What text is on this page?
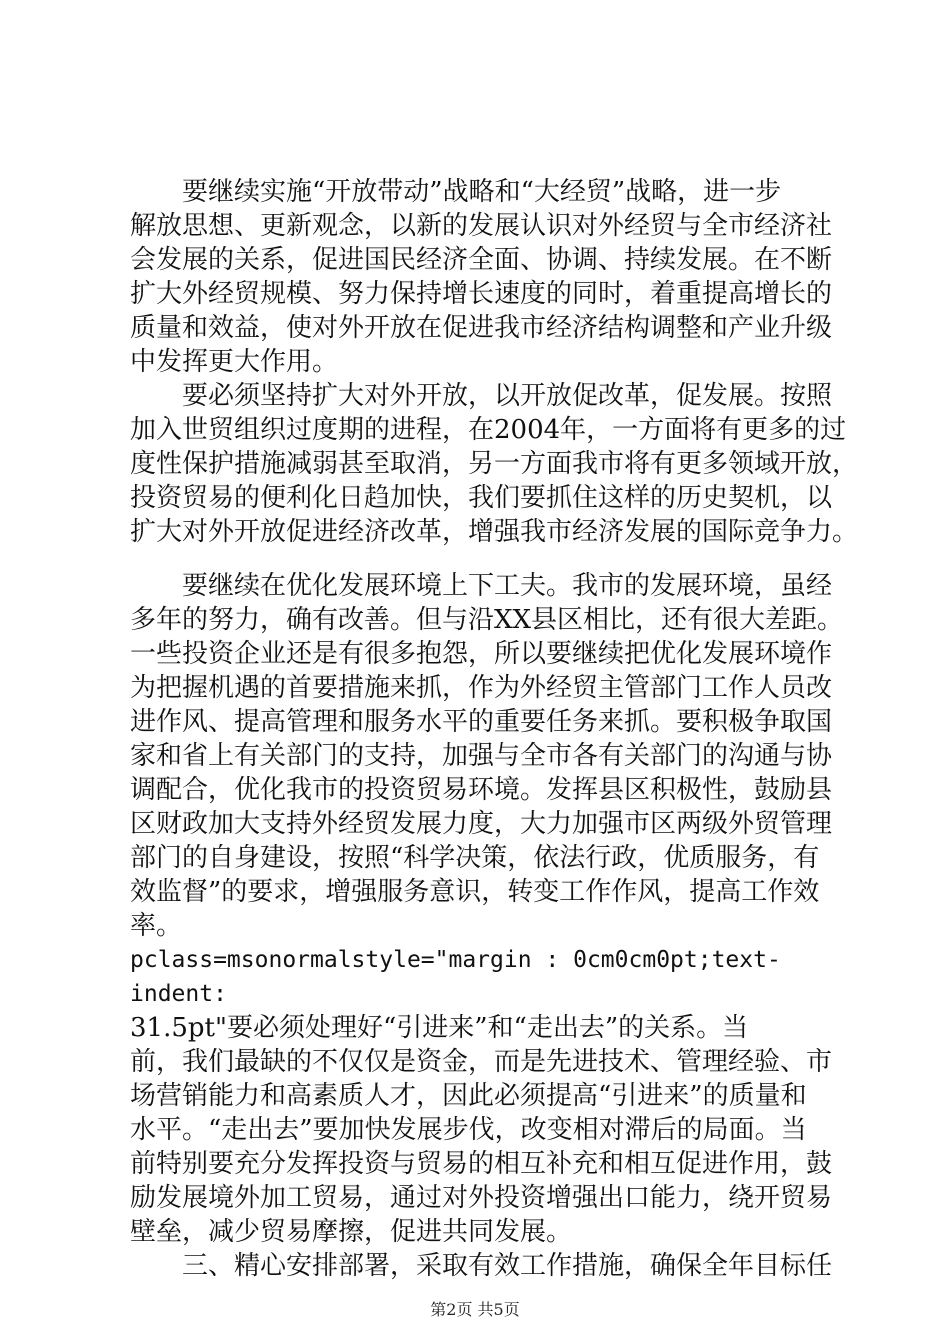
　　要继续实施“开放带动”战略和“大经贸”战略，进一步
解放思想、更新观念，以新的发展认识对外经贸与全市经济社
会发展的关系，促进国民经济全面、协调、持续发展。在不断
扩大外经贸规模、努力保持增长速度的同时，着重提高增长的
质量和效益，使对外开放在促进我市经济结构调整和产业升级
中发挥更大作用。
　　要必须坚持扩大对外开放，以开放促改革，促发展。按照
加入世贸组织过度期的进程，在2004年，一方面将有更多的过
度性保护措施减弱甚至取消，另一方面我市将有更多领域开放，
投资贸易的便利化日趋加快，我们要抓住这样的历史契机，以
扩大对外开放促进经济改革，增强我市经济发展的国际竞争力。
　　要继续在优化发展环境上下工夫。我市的发展环境，虽经
多年的努力，确有改善。但与沿XX县区相比，还有很大差距。
一些投资企业还是有很多抱怨，所以要继续把优化发展环境作
为把握机遇的首要措施来抓，作为外经贸主管部门工作人员改
进作风、提高管理和服务水平的重要任务来抓。要积极争取国
家和省上有关部门的支持，加强与全市各有关部门的沟通与协
调配合，优化我市的投资贸易环境。发挥县区积极性，鼓励县
区财政加大支持外经贸发展力度，大力加强市区两级外贸管理
部门的自身建设，按照“科学决策，依法行政，优质服务，有
效监督”的要求，增强服务意识，转变工作作风，提高工作效
率。
pclass=msonormalstyle="margin : 0cm0cm0pt;text-
indent:
31.5pt"要必须处理好“引进来”和“走出去”的关系。当
前，我们最缺的不仅仅是资金，而是先进技术、管理经验、市
场营销能力和高素质人才，因此必须提高“引进来”的质量和
水平。“走出去”要加快发展步伐，改变相对滞后的局面。当
前特别要充分发挥投资与贸易的相互补充和相互促进作用，鼓
励发展境外加工贸易，通过对外投资增强出口能力，绕开贸易
壁垒，减少贸易摩擦，促进共同发展。
　　三、精心安排部署，采取有效工作措施，确保全年目标任
第2页 共5页
